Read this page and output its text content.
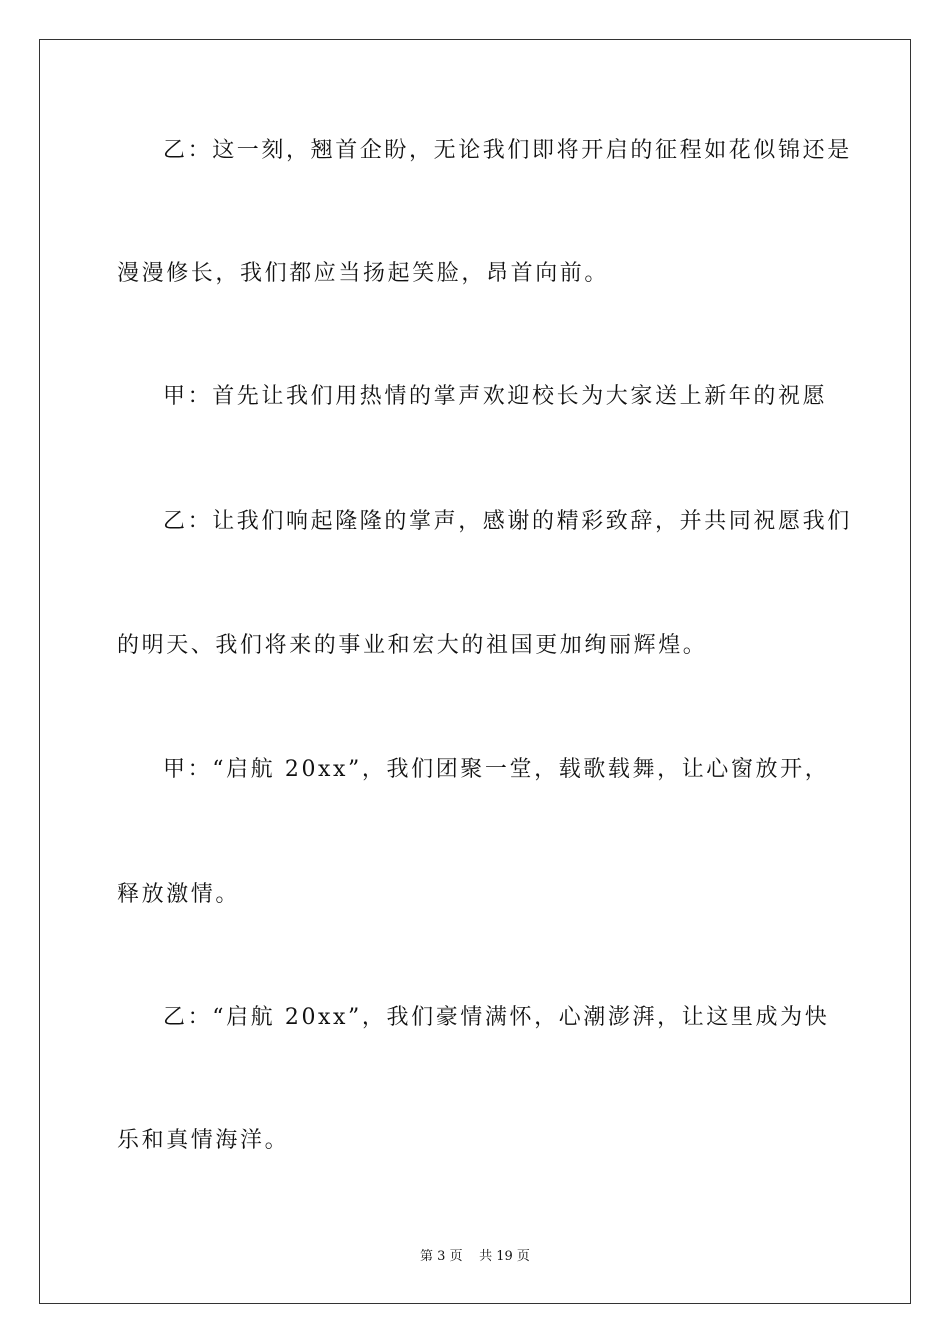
乙：这一刻，翘首企盼，无论我们即将开启的征程如花似锦还是
漫漫修长，我们都应当扬起笑脸，昂首向前。
甲：首先让我们用热情的掌声欢迎校长为大家送上新年的祝愿
乙：让我们响起隆隆的掌声，感谢的精彩致辞，并共同祝愿我们
的明天、我们将来的事业和宏大的祖国更加绚丽辉煌。
甲：“启航 20xx”，我们团聚一堂，载歌载舞，让心窗放开，
释放激情。
乙：“启航 20xx”，我们豪情满怀，心潮澎湃，让这里成为快
乐和真情海洋。
第 3 页 共 19 页
